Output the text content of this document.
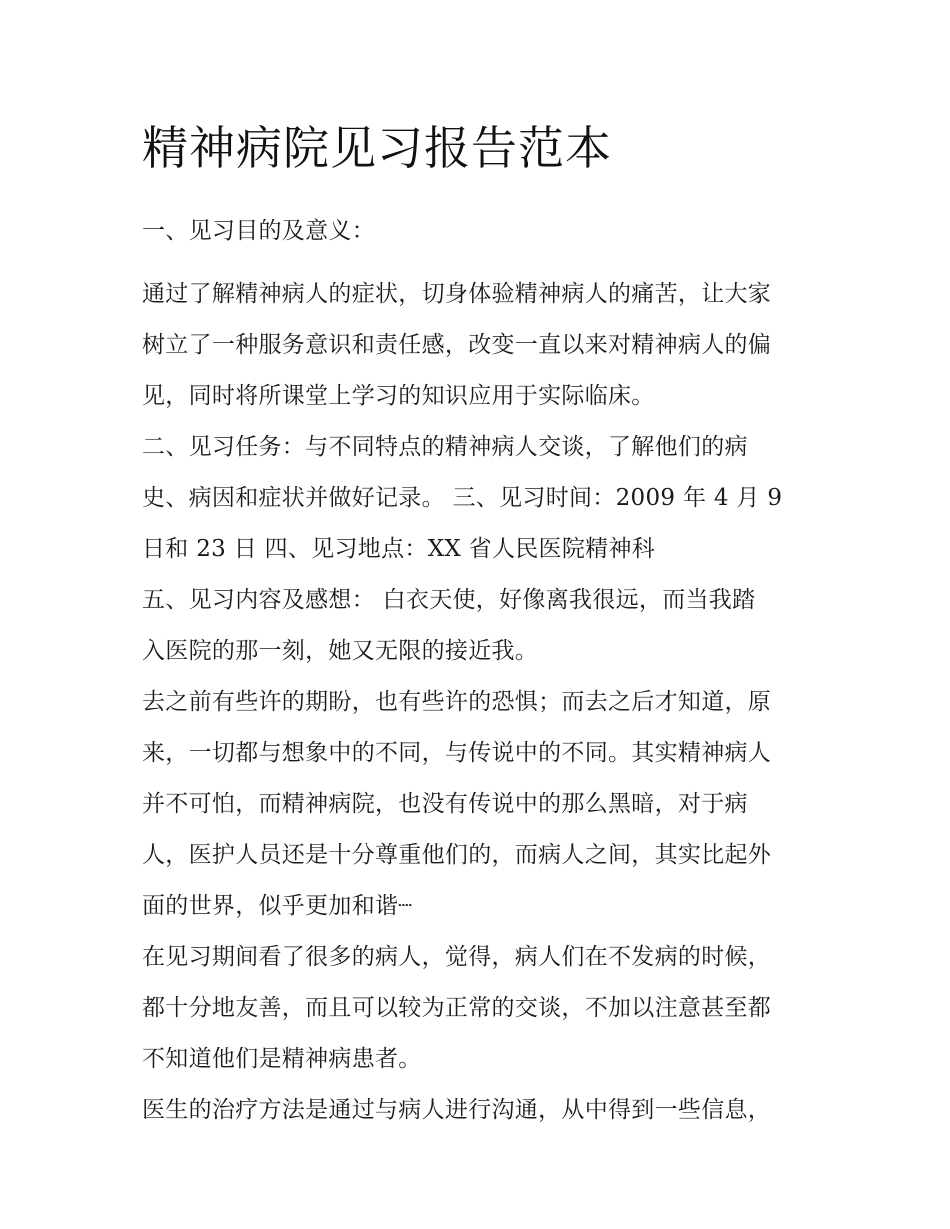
精神病院见习报告范本

一、见习目的及意义：

通过了解精神病人的症状，切身体验精神病人的痛苦，让大家
树立了一种服务意识和责任感，改变一直以来对精神病人的偏
见，同时将所课堂上学习的知识应用于实际临床。

二、见习任务：与不同特点的精神病人交谈，了解他们的病
史、病因和症状并做好记录。 三、见习时间：2009 年 4 月 9
日和 23 日 四、见习地点：XX 省人民医院精神科

五、见习内容及感想： 白衣天使，好像离我很远，而当我踏
入医院的那一刻，她又无限的接近我。

去之前有些许的期盼，也有些许的恐惧；而去之后才知道，原
来，一切都与想象中的不同，与传说中的不同。其实精神病人
并不可怕，而精神病院，也没有传说中的那么黑暗，对于病
人，医护人员还是十分尊重他们的，而病人之间，其实比起外
面的世界，似乎更加和谐┈

在见习期间看了很多的病人，觉得，病人们在不发病的时候，
都十分地友善，而且可以较为正常的交谈，不加以注意甚至都
不知道他们是精神病患者。

医生的治疗方法是通过与病人进行沟通，从中得到一些信息，
